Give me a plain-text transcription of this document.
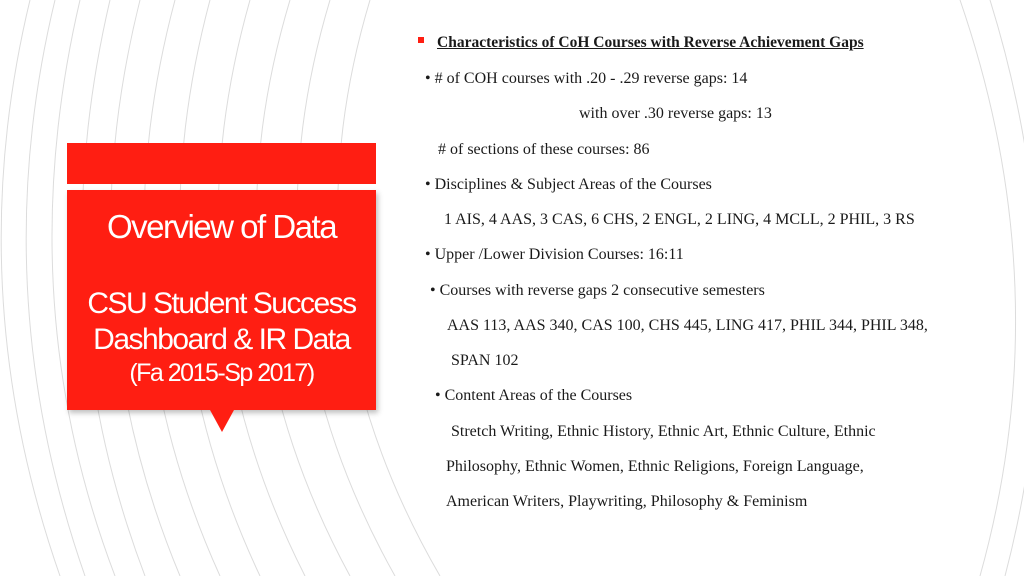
Overview of Data
CSU Student Success
Dashboard & IR Data
(Fa 2015-Sp 2017)
Characteristics of CoH Courses with Reverse Achievement Gaps
• # of COH courses with .20 - .29 reverse gaps: 14
with over .30 reverse gaps: 13
# of sections of these courses: 86
• Disciplines & Subject Areas of the Courses
1 AIS, 4 AAS, 3 CAS, 6 CHS, 2 ENGL, 2 LING, 4 MCLL, 2 PHIL, 3 RS
• Upper /Lower Division Courses: 16:11
• Courses with reverse gaps 2 consecutive semesters
AAS 113, AAS 340, CAS 100, CHS 445, LING 417, PHIL 344, PHIL 348,
SPAN 102
• Content Areas of the Courses
Stretch Writing, Ethnic History, Ethnic Art, Ethnic Culture, Ethnic
Philosophy, Ethnic Women, Ethnic Religions, Foreign Language,
American Writers, Playwriting, Philosophy & Feminism
